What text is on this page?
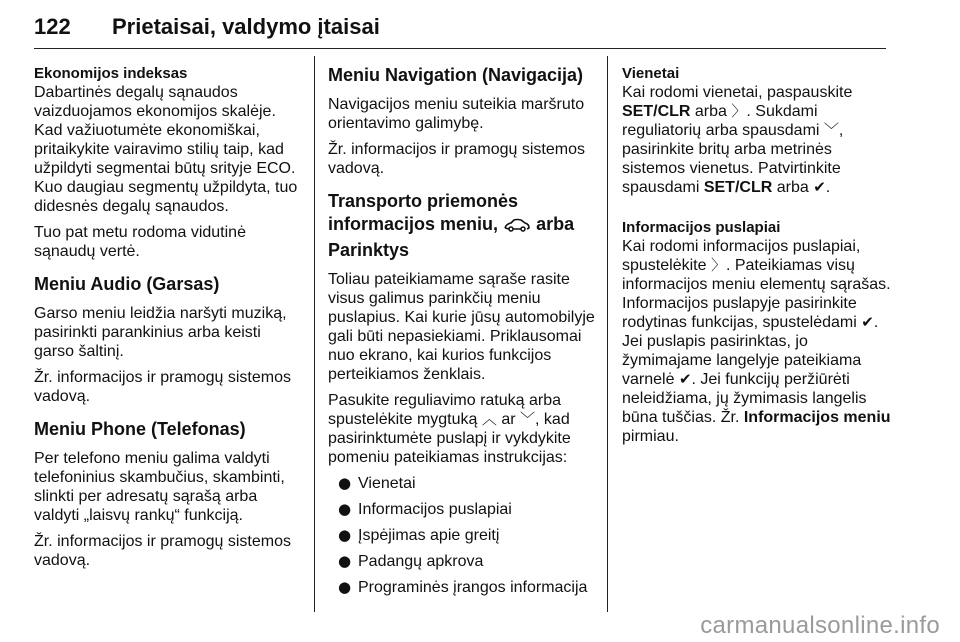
122 Prietaisai, valdymo įtaisai
Ekonomijos indeksas

Dabartinės degalų sąnaudos vaizduojamos ekonomijos skalėje. Kad važiuotumėte ekonomiškai, pritaikykite vairavimo stilių taip, kad užpildyti segmentai būtų srityje ECO. Kuo daugiau segmentų užpildyta, tuo didesnės degalų sąnaudos.

Tuo pat metu rodoma vidutinė sąnaudų vertė.

Meniu Audio (Garsas)

Garso meniu leidžia naršyti muziką, pasirinkti parankinius arba keisti garso šaltinį.

Žr. informacijos ir pramogų sistemos vadovą.

Meniu Phone (Telefonas)

Per telefono meniu galima valdyti telefoninius skambučius, skambinti, slinkti per adresatų sąrašą arba valdyti „laisvų rankų“ funkciją.

Žr. informacijos ir pramogų sistemos vadovą.

Meniu Navigation (Navigacija)

Navigacijos meniu suteikia maršruto orientavimo galimybę.

Žr. informacijos ir pramogų sistemos vadovą.

Transporto priemonės informacijos meniu, arba Parinktys

Toliau pateikiamame sąraše rasite visus galimus parinkčių meniu puslapius. Kai kurie jūsų automobilyje gali būti nepasiekiami. Priklausomai nuo ekrano, kai kurios funkcijos perteikiamos ženklais.

Pasukite reguliavimo ratuką arba spustelėkite mygtuką ︿ ar ﹀, kad pasirinktumėte puslapį ir vykdykite pomeniu pateikiamas instrukcijas:

● Vienetai
● Informacijos puslapiai
● Įspėjimas apie greitį
● Padangų apkrova
● Programinės įrangos informacija
Vienetai

Kai rodomi vienetai, paspauskite SET/CLR arba 〉. Sukdami reguliatorių arba spausdami ﹀, pasirinkite britų arba metrinės sistemos vienetus. Patvirtinkite spausdami SET/CLR arba ✔.

Informacijos puslapiai

Kai rodomi informacijos puslapiai, spustelėkite 〉. Pateikiamas visų informacijos meniu elementų sąrašas. Informacijos puslapyje pasirinkite rodytinas funkcijas, spustelėdami ✔. Jei puslapis pasirinktas, jo žymimajame langelyje pateikiama varnelė ✔. Jei funkcijų peržiūrėti neleidžiama, jų žymimasis langelis būna tuščias. Žr. Informacijos meniu pirmiau.

carmanualsonline.info
